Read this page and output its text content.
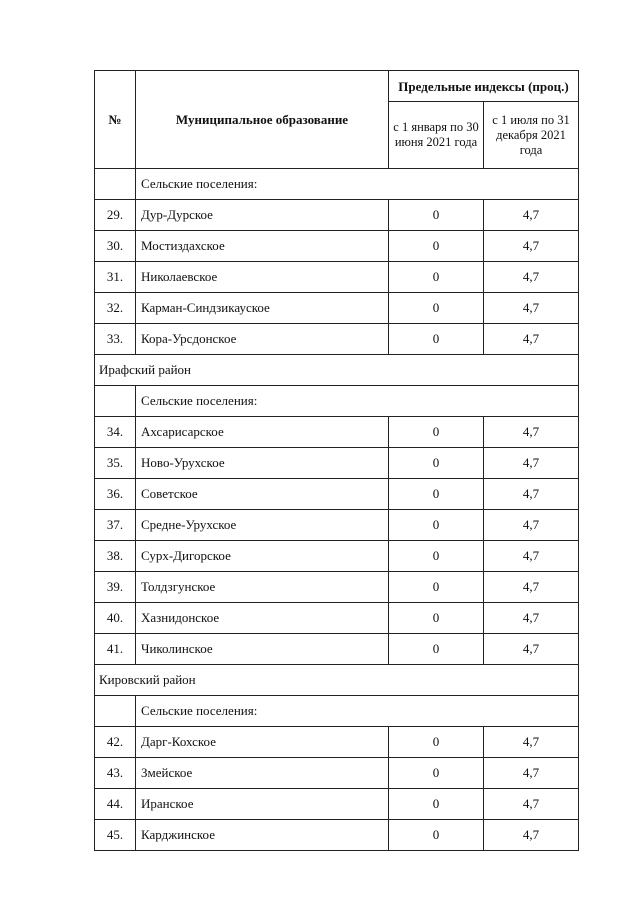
№	Муниципальное образование	Предельные индексы (проц.)	
		с 1 января по 30 июня 2021 года	с 1 июля по 31 декабря 2021 года
	Сельские поселения:		
29.	Дур-Дурское	0	4,7
30.	Мостиздахское	0	4,7
31.	Николаевское	0	4,7
32.	Карман-Синдзикауское	0	4,7
33.	Кора-Урсдонское	0	4,7
Ирафский район			
	Сельские поселения:		
34.	Ахсарисарское	0	4,7
35.	Ново-Урухское	0	4,7
36.	Советское	0	4,7
37.	Средне-Урухское	0	4,7
38.	Сурх-Дигорское	0	4,7
39.	Толдзгунское	0	4,7
40.	Хазнидонское	0	4,7
41.	Чиколинское	0	4,7
Кировский район			
	Сельские поселения:		
42.	Дарг-Кохское	0	4,7
43.	Змейское	0	4,7
44.	Иранское	0	4,7
45.	Карджинское	0	4,7
